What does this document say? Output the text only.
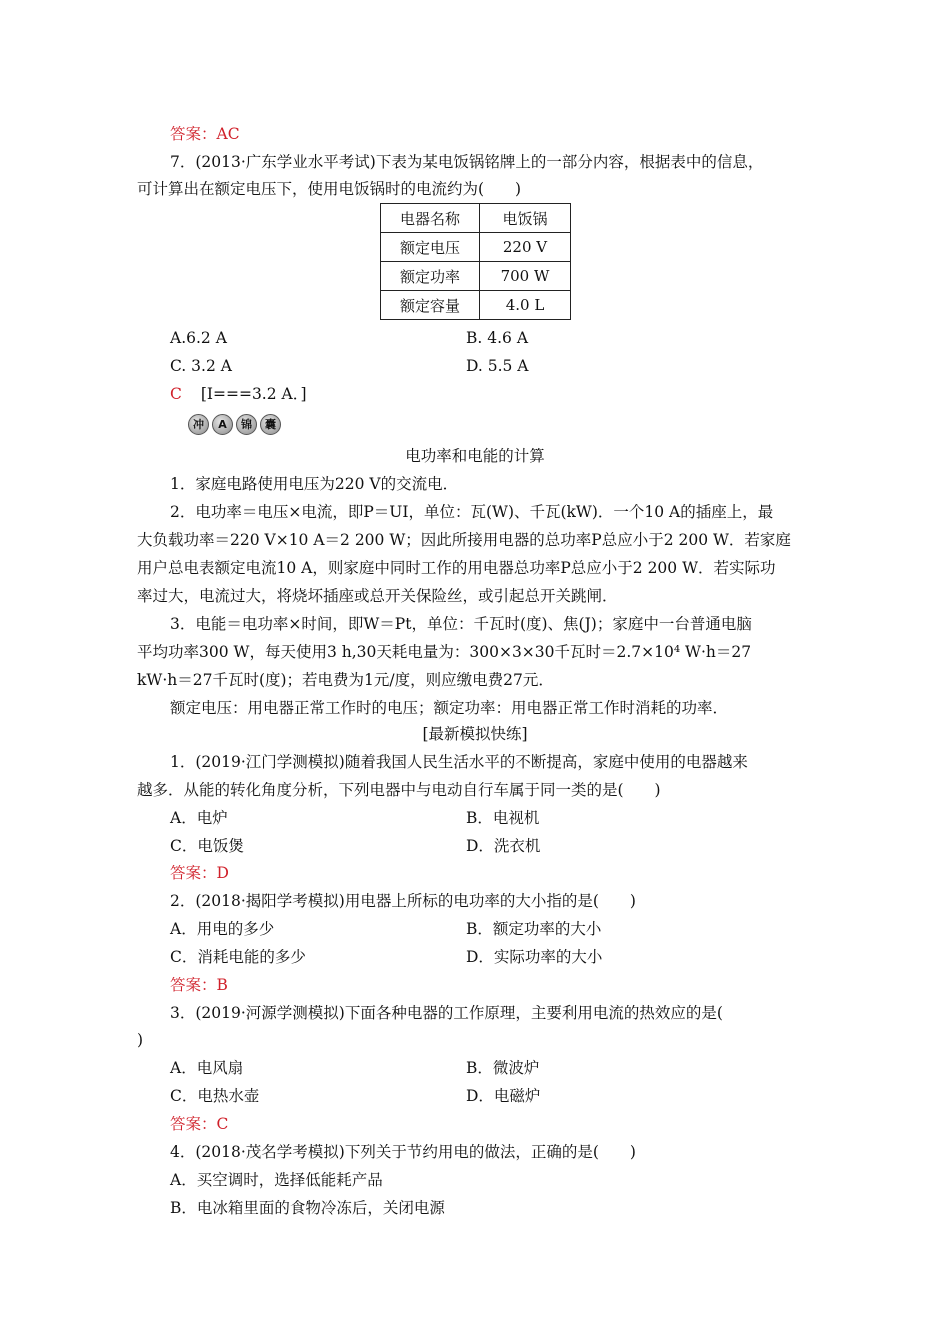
答案：AC
7．(2013·广东学业水平考试)下表为某电饭锅铭牌上的一部分内容，根据表中的信息，
可计算出在额定电压下，使用电饭锅时的电流约为(　　)
电器名称	电饭锅
额定电压	220 V
额定功率	700 W
额定容量	4.0 L
A.6.2 A	B. 4.6 A
C. 3.2 A	D. 5.5 A
C [I===3.2 A．]
冲	A	锦	囊
电功率和电能的计算
1．家庭电路使用电压为220 V的交流电．
2．电功率＝电压×电流，即P＝UI，单位：瓦(W)、千瓦(kW)．一个10 A的插座上，最
大负载功率＝220 V×10 A＝2 200 W；因此所接用电器的总功率P总应小于2 200 W．若家庭
用户总电表额定电流10 A，则家庭中同时工作的用电器总功率P总应小于2 200 W．若实际功
率过大，电流过大，将烧坏插座或总开关保险丝，或引起总开关跳闸．
3．电能＝电功率×时间，即W＝Pt，单位：千瓦时(度)、焦(J)；家庭中一台普通电脑
平均功率300 W，每天使用3 h,30天耗电量为：300×3×30千瓦时＝2.7×10⁴ W·h＝27
kW·h＝27千瓦时(度)；若电费为1元/度，则应缴电费27元．
额定电压：用电器正常工作时的电压；额定功率：用电器正常工作时消耗的功率．
[最新模拟快练]
1．(2019·江门学测模拟)随着我国人民生活水平的不断提高，家庭中使用的电器越来
越多．从能的转化角度分析，下列电器中与电动自行车属于同一类的是(　　)
A．电炉	B．电视机
C．电饭煲	D．洗衣机
答案：D
2．(2018·揭阳学考模拟)用电器上所标的电功率的大小指的是(　　)
A．用电的多少	B．额定功率的大小
C．消耗电能的多少	D．实际功率的大小
答案：B
3．(2019·河源学测模拟)下面各种电器的工作原理，主要利用电流的热效应的是(
)
A．电风扇	B．微波炉
C．电热水壶	D．电磁炉
答案：C
4．(2018·茂名学考模拟)下列关于节约用电的做法，正确的是(　　)
A．买空调时，选择低能耗产品
B．电冰箱里面的食物冷冻后，关闭电源
